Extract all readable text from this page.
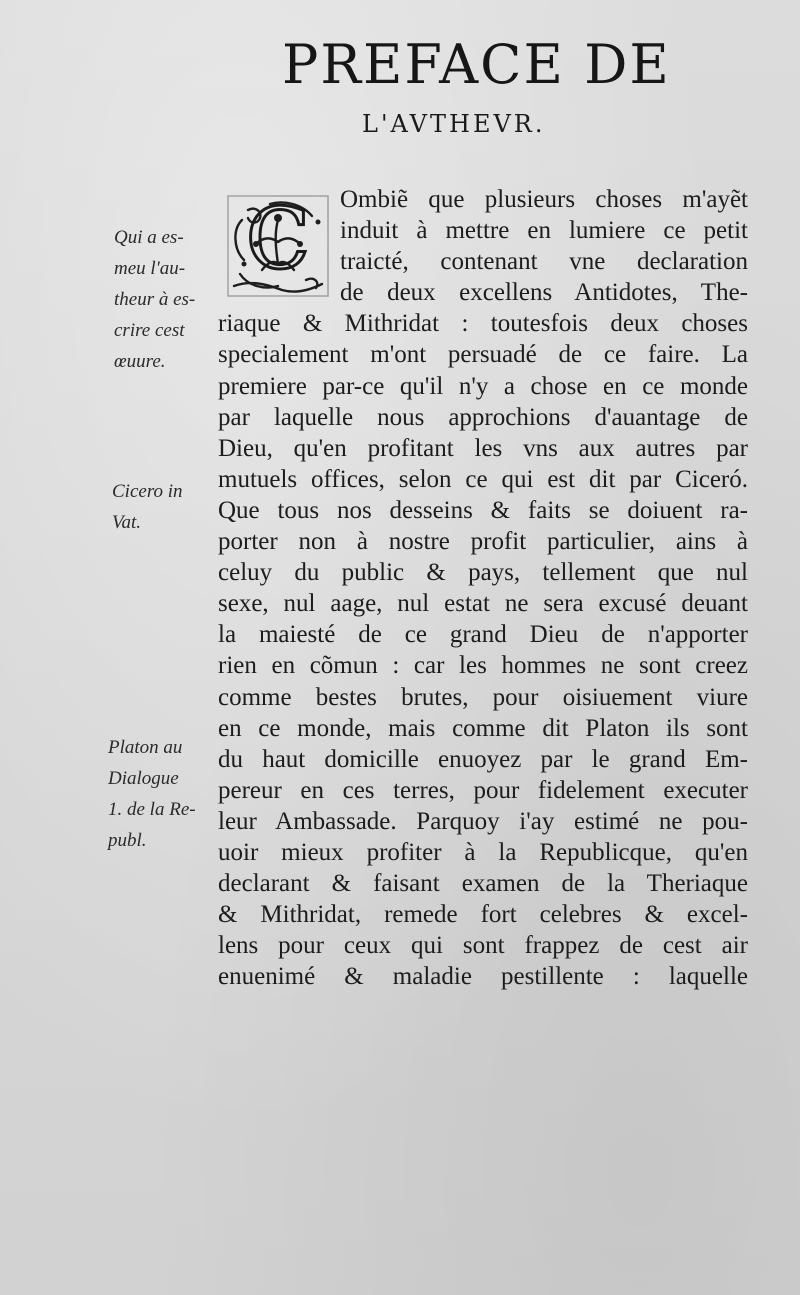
PREFACE DE
L'AVTHEVR.
C	Ombiẽ que plusieurs choses m'ayẽt
induit à mettre en lumiere ce petit
traicté, contenant vne declaration
de deux excellens Antidotes, The-
riaque & Mithridat : toutesfois deux choses
specialement m'ont persuadé de ce faire. La
premiere par-ce qu'il n'y a chose en ce monde
par laquelle nous approchions d'auantage de
Dieu, qu'en profitant les vns aux autres par
mutuels offices, selon ce qui est dit par Ciceró.
Que tous nos desseins & faits se doiuent ra-
porter non à nostre profit particulier, ains à
celuy du public & pays, tellement que nul
sexe, nul aage, nul estat ne sera excusé deuant
la maiesté de ce grand Dieu de n'apporter
rien en cõmun : car les hommes ne sont creez
comme bestes brutes, pour oisiuement viure
en ce monde, mais comme dit Platon ils sont
du haut domicille enuoyez par le grand Em-
pereur en ces terres, pour fidelement executer
leur Ambassade. Parquoy i'ay estimé ne pou-
uoir mieux profiter à la Republicque, qu'en
declarant & faisant examen de la Theriaque
& Mithridat, remede fort celebres & excel-
lens pour ceux qui sont frappez de cest air
enuenimé & maladie pestillente : laquelle
Qui a es-
meu l'au-
theur à es-
crire cest
œuure.
Cicero in
Vat.
Platon au
Dialogue
1. de la Re-
publ.
